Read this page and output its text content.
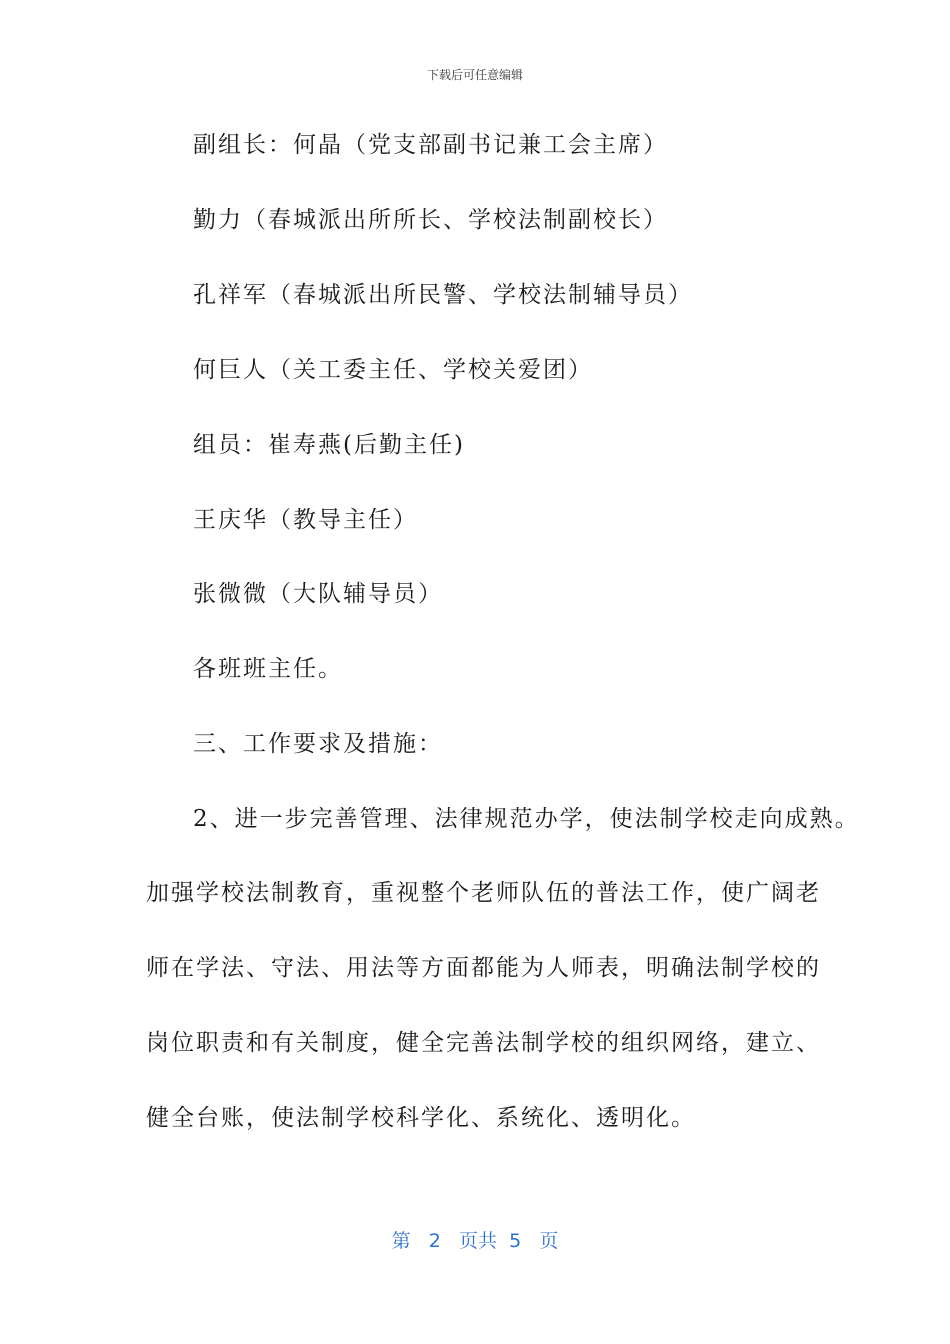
下载后可任意编辑
副组长：何晶（党支部副书记兼工会主席）
勤力（春城派出所所长、学校法制副校长）
孔祥军（春城派出所民警、学校法制辅导员）
何巨人（关工委主任、学校关爱团）
组员：崔寿燕(后勤主任)
王庆华（教导主任）
张微微（大队辅导员）
各班班主任。
三、工作要求及措施：
2、进一步完善管理、法律规范办学，使法制学校走向成熟。
加强学校法制教育，重视整个老师队伍的普法工作，使广阔老
师在学法、守法、用法等方面都能为人师表，明确法制学校的
岗位职责和有关制度，健全完善法制学校的组织网络，建立、
健全台账，使法制学校科学化、系统化、透明化。
第 2 页共 5 页
